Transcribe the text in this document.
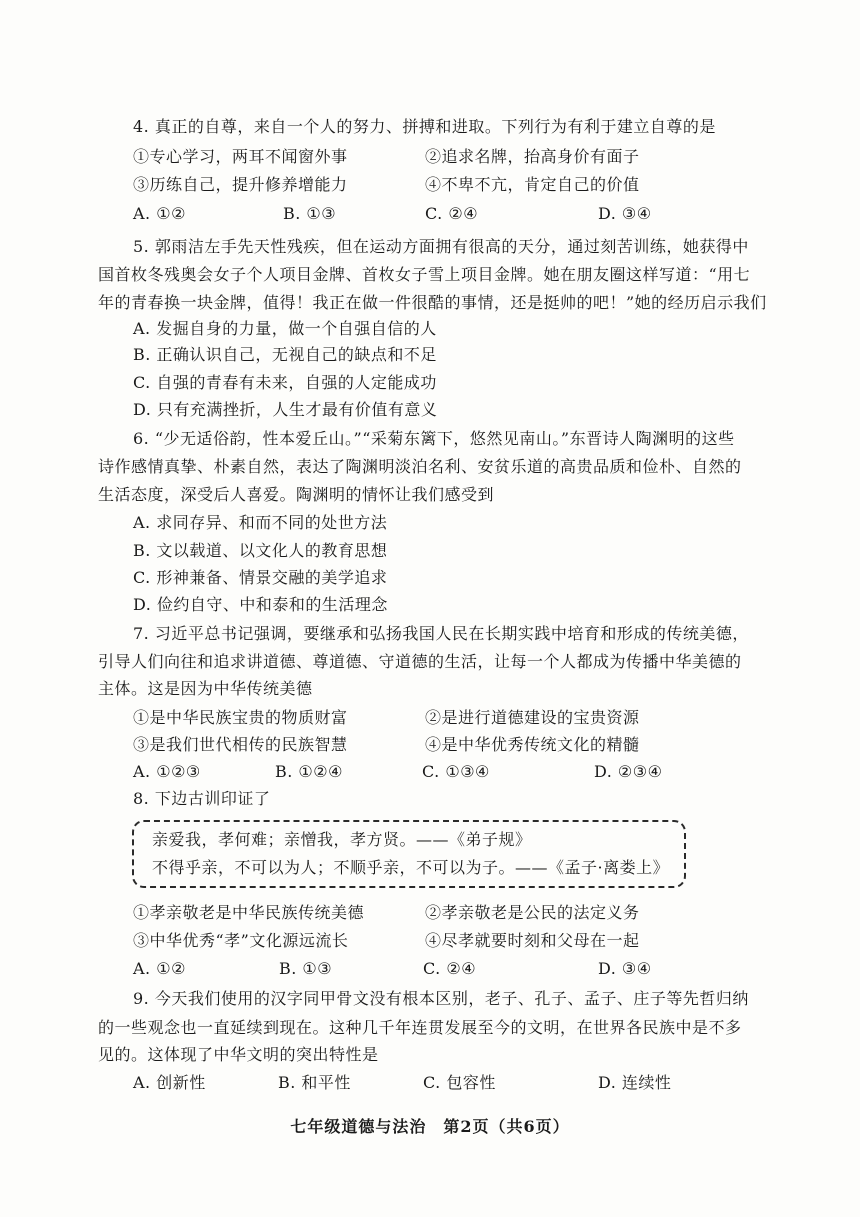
4. 真正的自尊，来自一个人的努力、拼搏和进取。下列行为有利于建立自尊的是
①专心学习，两耳不闻窗外事	②追求名牌，抬高身价有面子
③历练自己，提升修养增能力	④不卑不亢，肯定自己的价值
A. ①②	B. ①③	C. ②④	D. ③④
5. 郭雨洁左手先天性残疾，但在运动方面拥有很高的天分，通过刻苦训练，她获得中
国首枚冬残奥会女子个人项目金牌、首枚女子雪上项目金牌。她在朋友圈这样写道：“用七
年的青春换一块金牌，值得！我正在做一件很酷的事情，还是挺帅的吧！”她的经历启示我们
A. 发掘自身的力量，做一个自强自信的人
B. 正确认识自己，无视自己的缺点和不足
C. 自强的青春有未来，自强的人定能成功
D. 只有充满挫折，人生才最有价值有意义
6. “少无适俗韵，性本爱丘山。”“采菊东篱下，悠然见南山。”东晋诗人陶渊明的这些
诗作感情真挚、朴素自然，表达了陶渊明淡泊名利、安贫乐道的高贵品质和俭朴、自然的
生活态度，深受后人喜爱。陶渊明的情怀让我们感受到
A. 求同存异、和而不同的处世方法
B. 文以载道、以文化人的教育思想
C. 形神兼备、情景交融的美学追求
D. 俭约自守、中和泰和的生活理念
7. 习近平总书记强调，要继承和弘扬我国人民在长期实践中培育和形成的传统美德，
引导人们向往和追求讲道德、尊道德、守道德的生活，让每一个人都成为传播中华美德的
主体。这是因为中华传统美德
①是中华民族宝贵的物质财富	②是进行道德建设的宝贵资源
③是我们世代相传的民族智慧	④是中华优秀传统文化的精髓
A. ①②③	B. ①②④	C. ①③④	D. ②③④
8. 下边古训印证了
亲爱我，孝何难；亲憎我，孝方贤。——《弟子规》
不得乎亲，不可以为人；不顺乎亲，不可以为子。——《孟子·离娄上》
①孝亲敬老是中华民族传统美德	②孝亲敬老是公民的法定义务
③中华优秀“孝”文化源远流长	④尽孝就要时刻和父母在一起
A. ①②	B. ①③	C. ②④	D. ③④
9. 今天我们使用的汉字同甲骨文没有根本区别，老子、孔子、孟子、庄子等先哲归纳
的一些观念也一直延续到现在。这种几千年连贯发展至今的文明，在世界各民族中是不多
见的。这体现了中华文明的突出特性是
A. 创新性	B. 和平性	C. 包容性	D. 连续性
七年级道德与法治　第2页（共6页）
